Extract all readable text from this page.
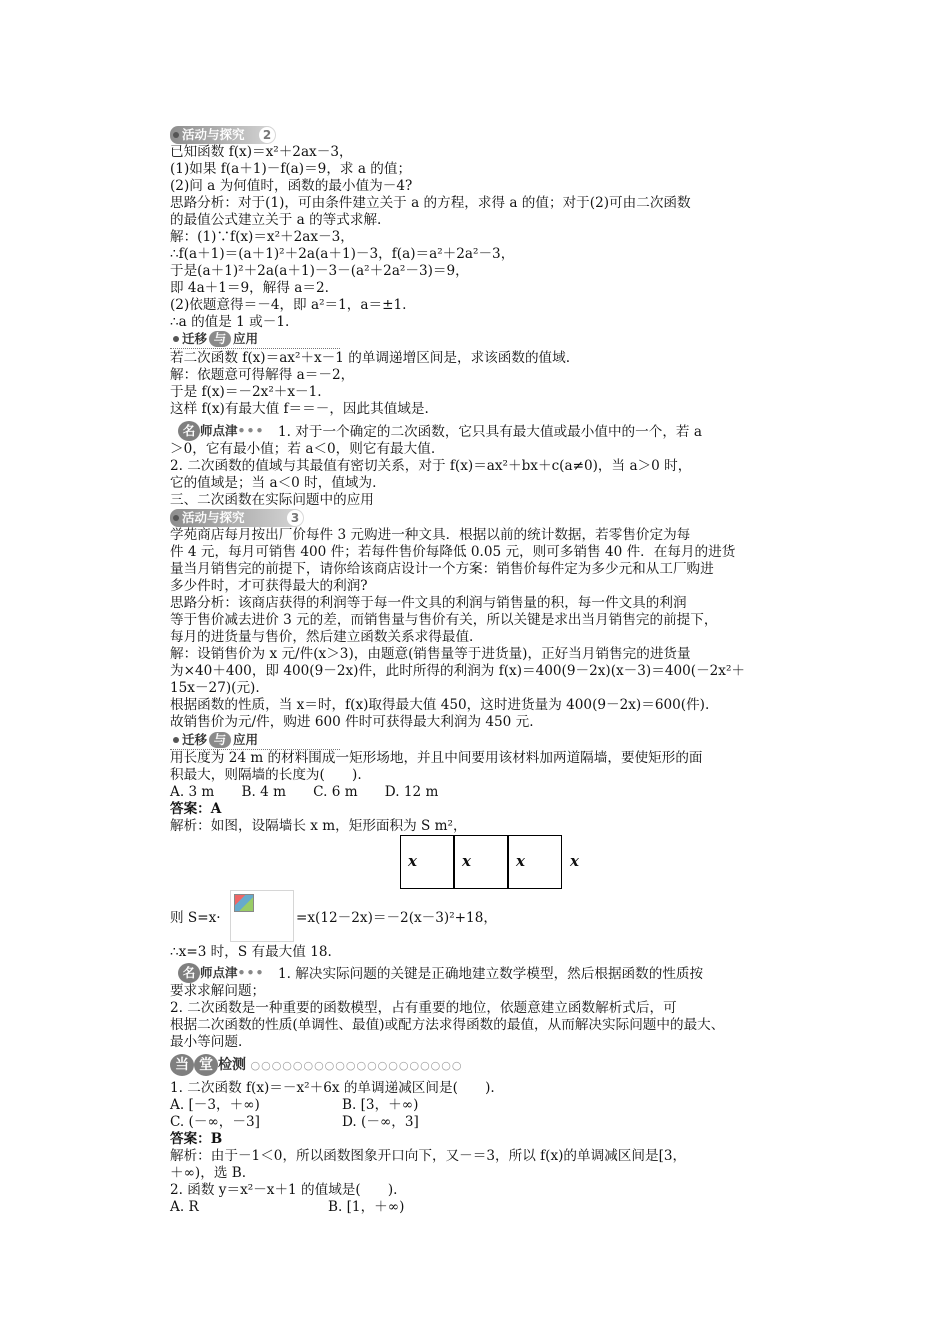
活动与探究	2
已知函数 f(x)＝x²＋2ax－3，
(1)如果 f(a＋1)－f(a)＝9，求 a 的值；
(2)问 a 为何值时，函数的最小值为－4?
思路分析：对于(1)，可由条件建立关于 a 的方程，求得 a 的值；对于(2)可由二次函数
的最值公式建立关于 a 的等式求解.
解：(1)∵f(x)＝x²＋2ax－3，
∴f(a＋1)＝(a＋1)²＋2a(a＋1)－3，f(a)＝a²＋2a²－3，
于是(a＋1)²＋2a(a＋1)－3－(a²＋2a²－3)＝9，
即 4a＋1＝9，解得 a＝2.
(2)依题意得＝－4，即 a²＝1，a＝±1.
∴a 的值是 1 或－1.
迁移 与 应用
若二次函数 f(x)＝ax²＋x－1 的单调递增区间是，求该函数的值域.
解：依题意可得解得 a＝－2，
于是 f(x)＝－2x²＋x－1.
这样 f(x)有最大值 f＝＝－，因此其值域是.
名 师点津••• 1. 对于一个确定的二次函数，它只具有最大值或最小值中的一个，若 a
＞0，它有最小值；若 a＜0，则它有最大值.
2. 二次函数的值域与其最值有密切关系，对于 f(x)＝ax²＋bx＋c(a≠0)，当 a＞0 时，
它的值域是；当 a＜0 时，值域为.
三、二次函数在实际问题中的应用
活动与探究	3
学苑商店每月按出厂价每件 3 元购进一种文具．根据以前的统计数据，若零售价定为每
件 4 元，每月可销售 400 件；若每件售价每降低 0.05 元，则可多销售 40 件．在每月的进货
量当月销售完的前提下，请你给该商店设计一个方案：销售价每件定为多少元和从工厂购进
多少件时，才可获得最大的利润?
思路分析：该商店获得的利润等于每一件文具的利润与销售量的积，每一件文具的利润
等于售价减去进价 3 元的差，而销售量与售价有关，所以关键是求出当月销售完的前提下，
每月的进货量与售价，然后建立函数关系求得最值.
解：设销售价为 x 元/件(x＞3)，由题意(销售量等于进货量)，正好当月销售完的进货量
为×40＋400，即 400(9－2x)件，此时所得的利润为 f(x)＝400(9－2x)(x－3)＝400(－2x²＋
15x－27)(元).
根据函数的性质，当 x＝时，f(x)取得最大值 450，这时进货量为 400(9－2x)＝600(件).
故销售价为元/件，购进 600 件时可获得最大利润为 450 元.
迁移 与 应用
用长度为 24 m 的材料围成一矩形场地，并且中间要用该材料加两道隔墙，要使矩形的面
积最大，则隔墙的长度为(　　).
A. 3 m　　B. 4 m　　C. 6 m　　D. 12 m
答案：A
解析：如图，设隔墙长 x m，矩形面积为 S m²，
x	x	x	x
则 S=x·	=x(12－2x)＝－2(x－3)²+18，
∴x=3 时，S 有最大值 18.
名 师点津••• 1. 解决实际问题的关键是正确地建立数学模型，然后根据函数的性质按
要求求解问题；
2. 二次函数是一种重要的函数模型，占有重要的地位，依题意建立函数解析式后，可
根据二次函数的性质(单调性、最值)或配方法求得函数的最值，从而解决实际问题中的最大、
最小等问题.
当 堂 检测 ○○○○○○○○○○○○○○○○○○○○
1. 二次函数 f(x)＝－x²＋6x 的单调递减区间是(　　).
A. [－3，＋∞)	B. [3，＋∞)
C. (－∞，－3]	D. (－∞，3]
答案：B
解析：由于－1＜0，所以函数图象开口向下，又－＝3，所以 f(x)的单调减区间是[3，
＋∞)，选 B.
2. 函数 y＝x²－x＋1 的值域是(　　).
A. R	B. [1，＋∞)
